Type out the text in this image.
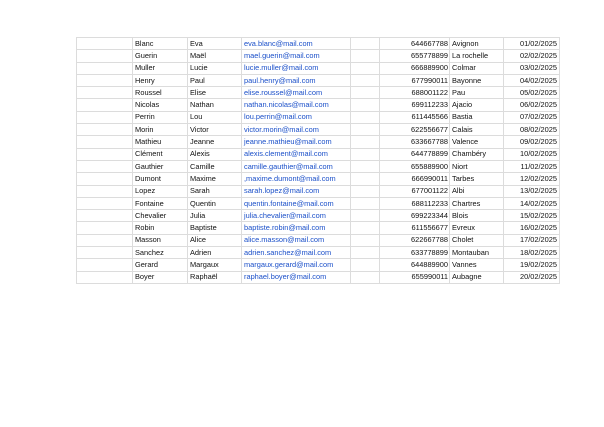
	Blanc	Eva	eva.blanc@mail.com		644667788	Avignon	01/02/2025
	Guerin	Maël	mael.guerin@mail.com		655778899	La rochelle	02/02/2025
	Muller	Lucie	lucie.muller@mail.com		666889900	Colmar	03/02/2025
	Henry	Paul	paul.henry@mail.com		677990011	Bayonne	04/02/2025
	Roussel	Elise	elise.roussel@mail.com		688001122	Pau	05/02/2025
	Nicolas	Nathan	nathan.nicolas@mail.com		699112233	Ajacio	06/02/2025
	Perrin	Lou	lou.perrin@mail.com		611445566	Bastia	07/02/2025
	Morin	Victor	victor.morin@mail.com		622556677	Calais	08/02/2025
	Mathieu	Jeanne	jeanne.mathieu@mail.com		633667788	Valence	09/02/2025
	Clément	Alexis	alexis.clement@mail.com		644778899	Chambéry	10/02/2025
	Gauthier	Camille	camille.gauthier@mail.com		655889900	Niort	11/02/2025
	Dumont	Maxime	,maxime.dumont@mail.com		666990011	Tarbes	12/02/2025
	Lopez	Sarah	sarah.lopez@mail.com		677001122	Albi	13/02/2025
	Fontaine	Quentin	quentin.fontaine@mail.com		688112233	Chartres	14/02/2025
	Chevalier	Julia	julia.chevalier@mail.com		699223344	Blois	15/02/2025
	Robin	Baptiste	baptiste.robin@mail.com		611556677	Evreux	16/02/2025
	Masson	Alice	alice.masson@mail.com		622667788	Cholet	17/02/2025
	Sanchez	Adrien	adrien.sanchez@mail.com		633778899	Montauban	18/02/2025
	Gerard	Margaux	margaux.gerard@mail.com		644889900	Vannes	19/02/2025
	Boyer	Raphaël	raphael.boyer@mail.com		655990011	Aubagne	20/02/2025
